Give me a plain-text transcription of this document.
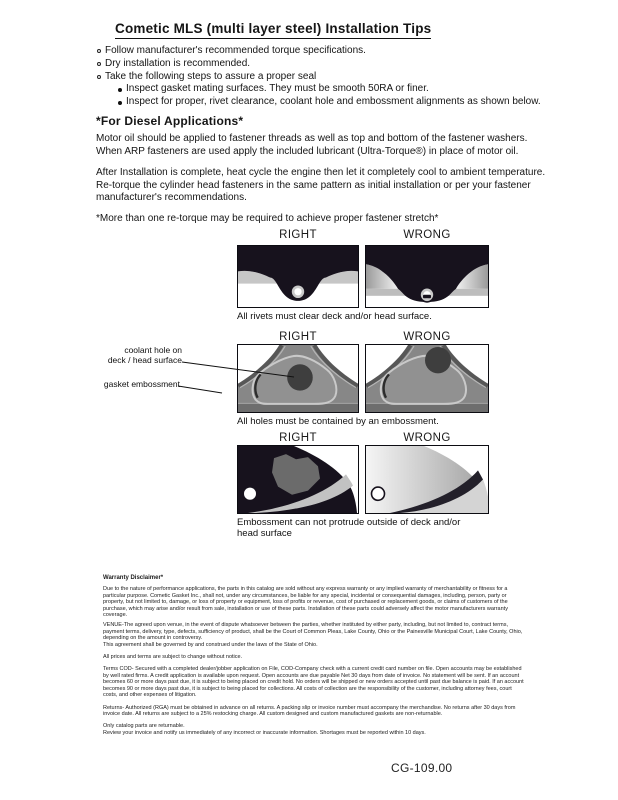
Cometic MLS (multi layer steel) Installation Tips
Follow manufacturer's recommended torque specifications.
Dry installation is recommended.
Take the following steps to assure a proper seal
Inspect gasket mating surfaces. They must be smooth 50RA or finer.
Inspect for proper, rivet clearance, coolant hole and embossment alignments as shown below.
*For Diesel Applications*

Motor oil should be applied to fastener threads as well as top and bottom of the fastener washers. When ARP fasteners are used apply the included lubricant (Ultra-Torque®) in place of motor oil.

After Installation is complete, heat cycle the engine then let it completely cool to ambient temperature. Re-torque the cylinder head fasteners in the same pattern as initial installation or per your fastener manufacturer's recommendations.

*More than one re-torque may be required to achieve proper fastener stretch*

RIGHT	WRONG
All rivets must clear deck and/or head surface.
RIGHT	WRONG
All holes must be contained by an embossment.
coolant hole on
deck / head surface
gasket embossment
RIGHT	WRONG
Embossment can not protrude outside of deck and/or head surface
Warranty Disclaimer*

Due to the nature of performance applications, the parts in this catalog are sold without any express warranty or any implied warranty of merchantability or fitness for a particular purpose. Cometic Gasket Inc., shall not, under any circumstances, be liable for any special, incidental or consequential damages, including, person, party or property, but not limited to, damage, or loss of property or equipment, loss of profits or revenue, cost of purchased or replacement goods, or claims of customers of the purchase, which may arise and/or result from sale, installation or use of these parts. Installation of these parts could adversely affect the motor manufacturers warranty coverage.

VENUE-The agreed upon venue, in the event of dispute whatsoever between the parties, whether instituted by either party, including, but not limited to, contract terms, payment terms, delivery, type, defects, sufficiency of product, shall be the Court of Common Pleas, Lake County, Ohio or the Painesville Municipal Court, Lake County, Ohio, depending on the amount in controversy.

This agreement shall be governed by and construed under the laws of the State of Ohio.

All prices and terms are subject to change without notice.

Terms COD- Secured with a completed dealer/jobber application on File, COD-Company check with a current credit card number on file. Open accounts may be established by well rated firms. A credit application is available upon request. Open accounts are due payable Net 30 days from date of invoice. No statement will be sent. If an account becomes 60 or more days past due, it is subject to being placed on credit hold. No orders will be shipped or new orders accepted until past due balance is paid. If an account becomes 90 or more days past due, it is subject to being placed for collections. All costs of collection are the responsibility of the customer, including attorney fees, court costs, and other expenses of litigation.

Returns- Authorized (RGA) must be obtained in advance on all returns. A packing slip or invoice number must accompany the merchandise. No returns after 30 days from invoice date. All returns are subject to a 25% restocking charge. All custom designed and custom manufactured gaskets are non-returnable.

Only catalog parts are returnable.

Review your invoice and notify us immediately of any incorrect or inaccurate information. Shortages must be reported within 10 days.

CG-109.00
